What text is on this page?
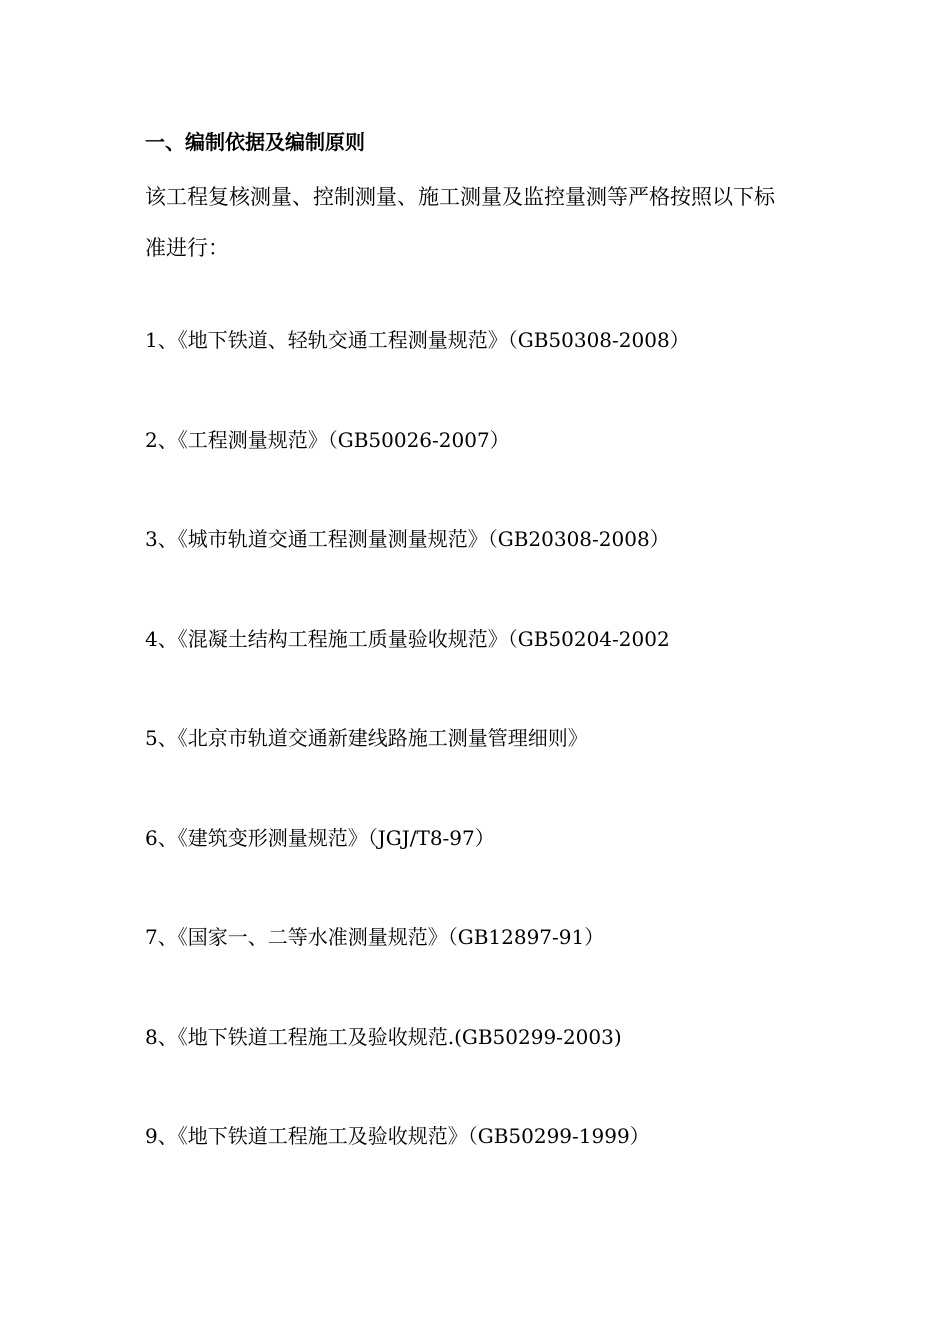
一、编制依据及编制原则
该工程复核测量、控制测量、施工测量及监控量测等严格按照以下标
准进行：
1、《地下铁道、轻轨交通工程测量规范》（GB50308-2008）
2、《工程测量规范》（GB50026-2007）
3、《城市轨道交通工程测量测量规范》（GB20308-2008）
4、《混凝土结构工程施工质量验收规范》（GB50204-2002
5、《北京市轨道交通新建线路施工测量管理细则》
6、《建筑变形测量规范》（JGJ/T8-97）
7、《国家一、二等水准测量规范》（GB12897-91）
8、《地下铁道工程施工及验收规范.(GB50299-2003)
9、《地下铁道工程施工及验收规范》（GB50299-1999）
